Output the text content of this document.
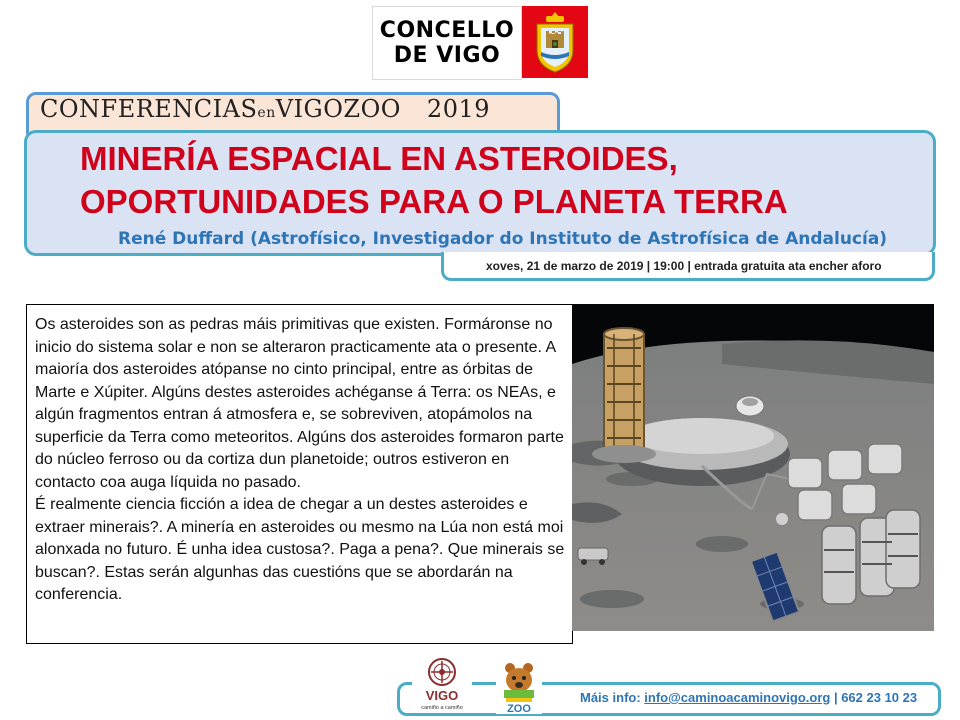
CONCELLO
DE VIGO
CONFERENCIASenVIGOZOO 2019
MINERÍA ESPACIAL EN ASTEROIDES,
OPORTUNIDADES PARA O PLANETA TERRA
René Duffard (Astrofísico, Investigador do Instituto de Astrofísica de Andalucía)
xoves, 21 de marzo de 2019 | 19:00 | entrada gratuita ata encher aforo

Os asteroides son as pedras máis primitivas que existen. Formáronse no inicio do sistema solar e non se alteraron practicamente ata o presente. A maioría dos asteroides atópanse no cinto principal, entre as órbitas de Marte e Xúpiter. Algúns destes asteroides achéganse á Terra: os NEAs, e algún fragmentos entran á atmosfera e, se sobreviven, atopámolos na superficie da Terra como meteoritos. Algúns dos asteroides formaron parte do núcleo ferroso ou da cortiza dun planetoide; outros estiveron en contacto coa auga líquida no pasado.

É realmente ciencia ficción a idea de chegar a un destes asteroides e extraer minerais?. A minería en asteroides ou mesmo na Lúa non está moi alonxada no futuro. É unha idea custosa?. Paga a pena?. Que minerais se buscan?. Estas serán algunhas das cuestións que se abordarán na conferencia.

VIGO
camiño a camiño	ZOO
Máis info: info@caminoacaminovigo.org | 662 23 10 23
